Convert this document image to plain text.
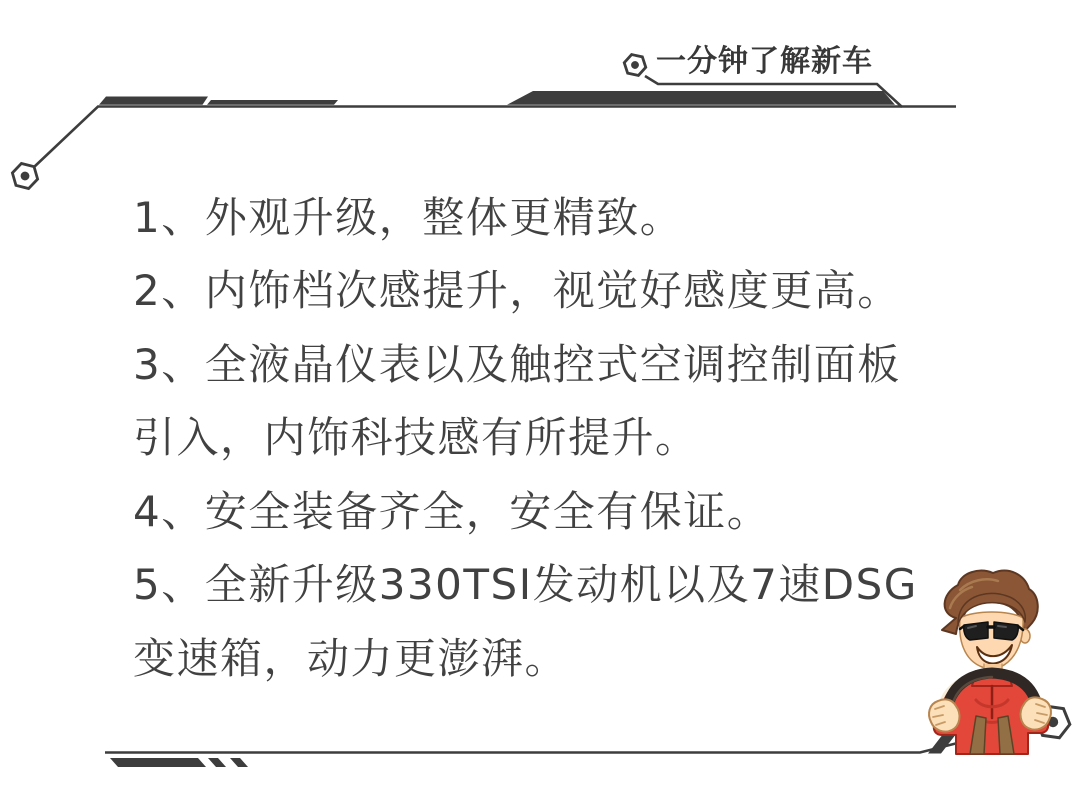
一分钟了解新车
1、外观升级，整体更精致。
2、内饰档次感提升，视觉好感度更高。
3、全液晶仪表以及触控式空调控制面板
引入，内饰科技感有所提升。
4、安全装备齐全，安全有保证。
5、全新升级330TSI发动机以及7速DSG
变速箱，动力更澎湃。
